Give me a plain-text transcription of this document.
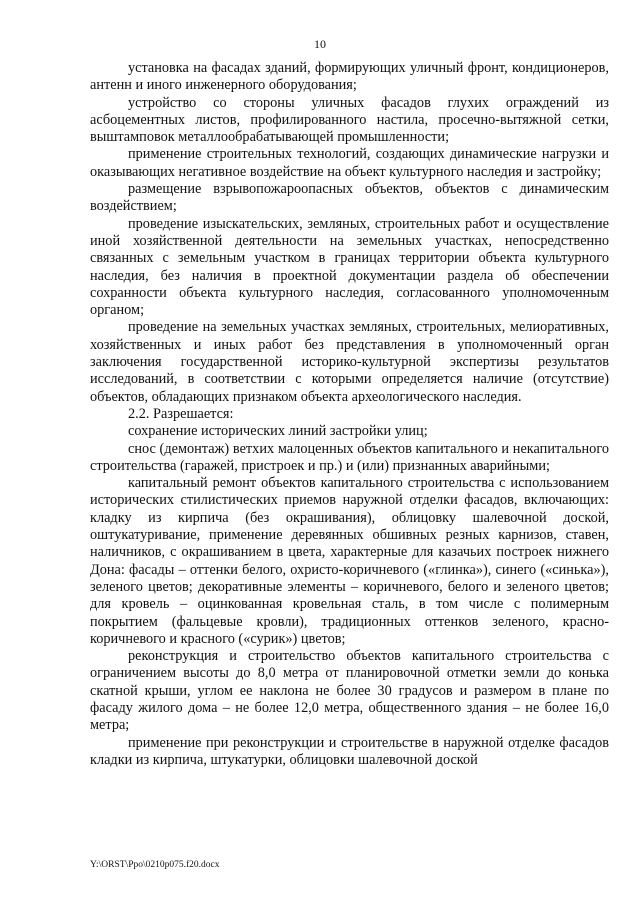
10

установка на фасадах зданий, формирующих уличный фронт, кондиционеров, антенн и иного инженерного оборудования;

устройство со стороны уличных фасадов глухих ограждений из асбоцементных листов, профилированного настила, просечно-вытяжной сетки, выштамповок металлообрабатывающей промышленности;

применение строительных технологий, создающих динамические нагрузки и оказывающих негативное воздействие на объект культурного наследия и застройку;

размещение взрывопожароопасных объектов, объектов с динамическим воздействием;

проведение изыскательских, земляных, строительных работ и осуществление иной хозяйственной деятельности на земельных участках, непосредственно связанных с земельным участком в границах территории объекта культурного наследия, без наличия в проектной документации раздела об обеспечении сохранности объекта культурного наследия, согласованного уполномоченным органом;

проведение на земельных участках земляных, строительных, мелиоративных, хозяйственных и иных работ без представления в уполномоченный орган заключения государственной историко-культурной экспертизы результатов исследований, в соответствии с которыми определяется наличие (отсутствие) объектов, обладающих признаком объекта археологического наследия.

2.2. Разрешается:

сохранение исторических линий застройки улиц;

снос (демонтаж) ветхих малоценных объектов капитального и некапитального строительства (гаражей, пристроек и пр.) и (или) признанных аварийными;

капитальный ремонт объектов капитального строительства с использованием исторических стилистических приемов наружной отделки фасадов, включающих: кладку из кирпича (без окрашивания), облицовку шалевочной доской, оштукатуривание, применение деревянных обшивных резных карнизов, ставен, наличников, с окрашиванием в цвета, характерные для казачьих построек нижнего Дона: фасады – оттенки белого, охристо-коричневого («глинка»), синего («синька»), зеленого цветов; декоративные элементы – коричневого, белого и зеленого цветов; для кровель – оцинкованная кровельная сталь, в том числе с полимерным покрытием (фальцевые кровли), традиционных оттенков зеленого, красно-коричневого и красного («сурик») цветов;

реконструкция и строительство объектов капитального строительства с ограничением высоты до 8,0 метра от планировочной отметки земли до конька скатной крыши, углом ее наклона не более 30 градусов и размером в плане по фасаду жилого дома – не более 12,0 метра, общественного здания – не более 16,0 метра;

применение при реконструкции и строительстве в наружной отделке фасадов кладки из кирпича, штукатурки, облицовки шалевочной доской

Y:\ORST\Ppo\0210p075.f20.docx
